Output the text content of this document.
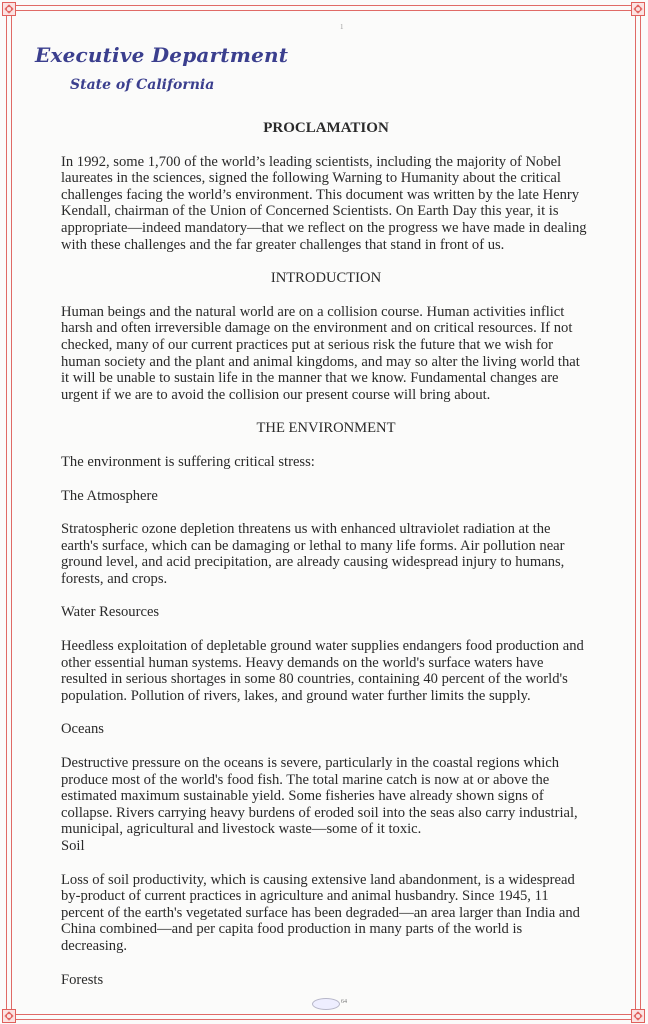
1
Executive Department
State of California

PROCLAMATION

In 1992, some 1,700 of the world’s leading scientists, including the majority of Nobel laureates in the sciences, signed the following Warning to Humanity about the critical challenges facing the world’s environment. This document was written by the late Henry Kendall, chairman of the Union of Concerned Scientists. On Earth Day this year, it is appropriate—indeed mandatory—that we reflect on the progress we have made in dealing with these challenges and the far greater challenges that stand in front of us.

INTRODUCTION

Human beings and the natural world are on a collision course. Human activities inflict harsh and often irreversible damage on the environment and on critical resources. If not checked, many of our current practices put at serious risk the future that we wish for human society and the plant and animal kingdoms, and may so alter the living world that it will be unable to sustain life in the manner that we know. Fundamental changes are urgent if we are to avoid the collision our present course will bring about.

THE ENVIRONMENT

The environment is suffering critical stress:

The Atmosphere

Stratospheric ozone depletion threatens us with enhanced ultraviolet radiation at the earth's surface, which can be damaging or lethal to many life forms. Air pollution near ground level, and acid precipitation, are already causing widespread injury to humans, forests, and crops.

Water Resources

Heedless exploitation of depletable ground water supplies endangers food production and other essential human systems. Heavy demands on the world's surface waters have resulted in serious shortages in some 80 countries, containing 40 percent of the world's population. Pollution of rivers, lakes, and ground water further limits the supply.

Oceans

Destructive pressure on the oceans is severe, particularly in the coastal regions which produce most of the world's food fish. The total marine catch is now at or above the estimated maximum sustainable yield. Some fisheries have already shown signs of collapse. Rivers carrying heavy burdens of eroded soil into the seas also carry industrial, municipal, agricultural and livestock waste—some of it toxic.

Soil

Loss of soil productivity, which is causing extensive land abandonment, is a widespread by-product of current practices in agriculture and animal husbandry. Since 1945, 11 percent of the earth's vegetated surface has been degraded—an area larger than India and China combined—and per capita food production in many parts of the world is decreasing.

Forests

64
